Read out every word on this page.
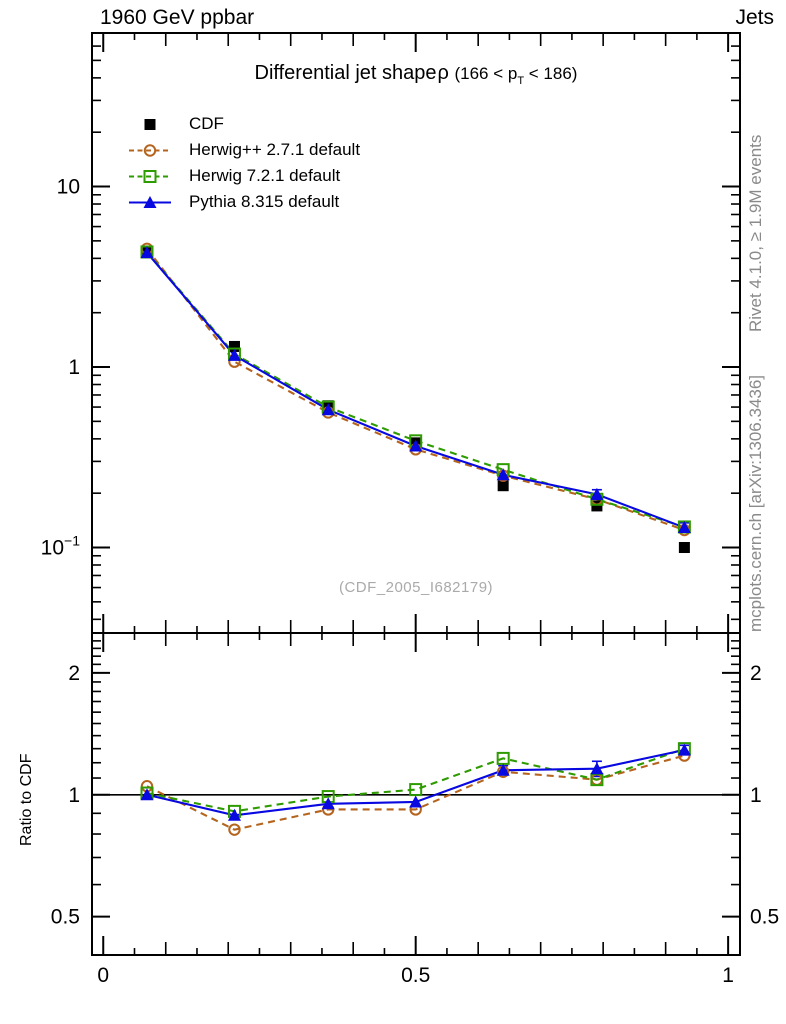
1960 GeV ppbar	Jets
0	0.5	1
10
1
$10^{-1}$
2	2
1	1
0.5	0.5
Differential jet shapeρ $(166 < p_T < 186)$
CDF
Herwig++ 2.7.1 default
Herwig 7.2.1 default
Pythia 8.315 default
(CDF_2005_I682179)
Ratio to CDF
Rivet 4.1.0, ≥ 1.9M events
mcplots.cern.ch [arXiv:1306.3436]
